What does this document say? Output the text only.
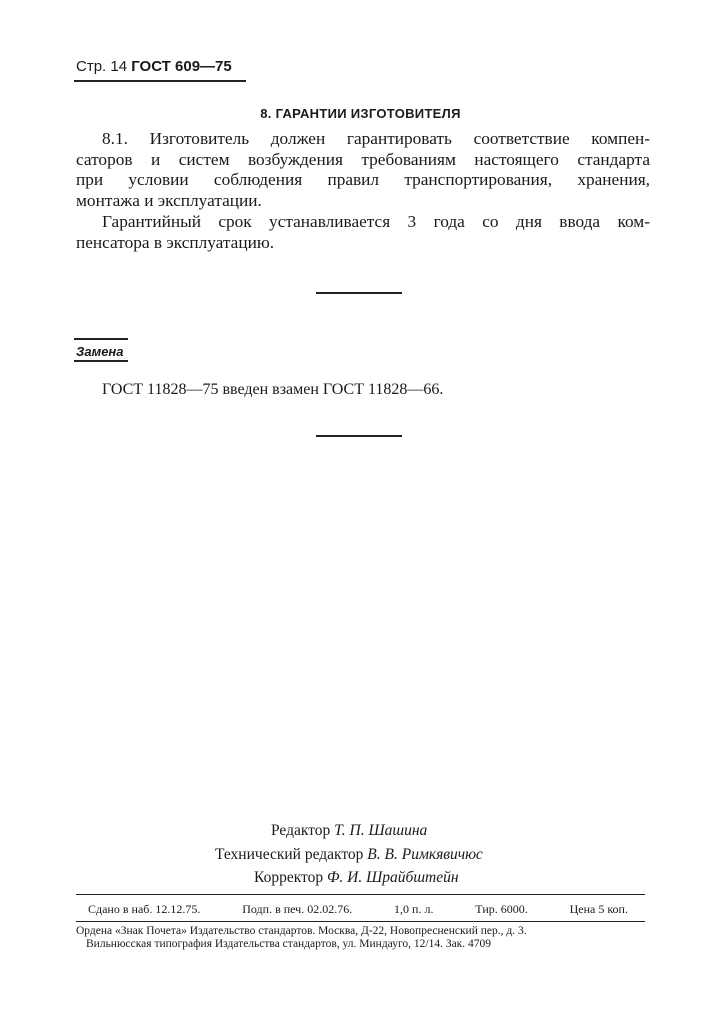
Стр. 14 ГОСТ 609—75
8. ГАРАНТИИ ИЗГОТОВИТЕЛЯ
8.1. Изготовитель должен гарантировать соответствие компен-
саторов и систем возбуждения требованиям настоящего стандарта
при условии соблюдения правил транспортирования, хранения,
монтажа и эксплуатации.
Гарантийный срок устанавливается 3 года со дня ввода ком-
пенсатора в эксплуатацию.
Замена
ГОСТ 11828—75 введен взамен ГОСТ 11828—66.
Редактор Т. П. Шашина
Технический редактор В. В. Римкявичюс
Корректор Ф. И. Шрайбштейн
Сдано в наб. 12.12.75.	Подп. в печ. 02.02.76.	1,0 п. л.	Тир. 6000.	Цена 5 коп.
Ордена «Знак Почета» Издательство стандартов. Москва, Д-22, Новопресненский пер., д. 3.
Вильнюсская типография Издательства стандартов, ул. Миндауго, 12/14. Зак. 4709
